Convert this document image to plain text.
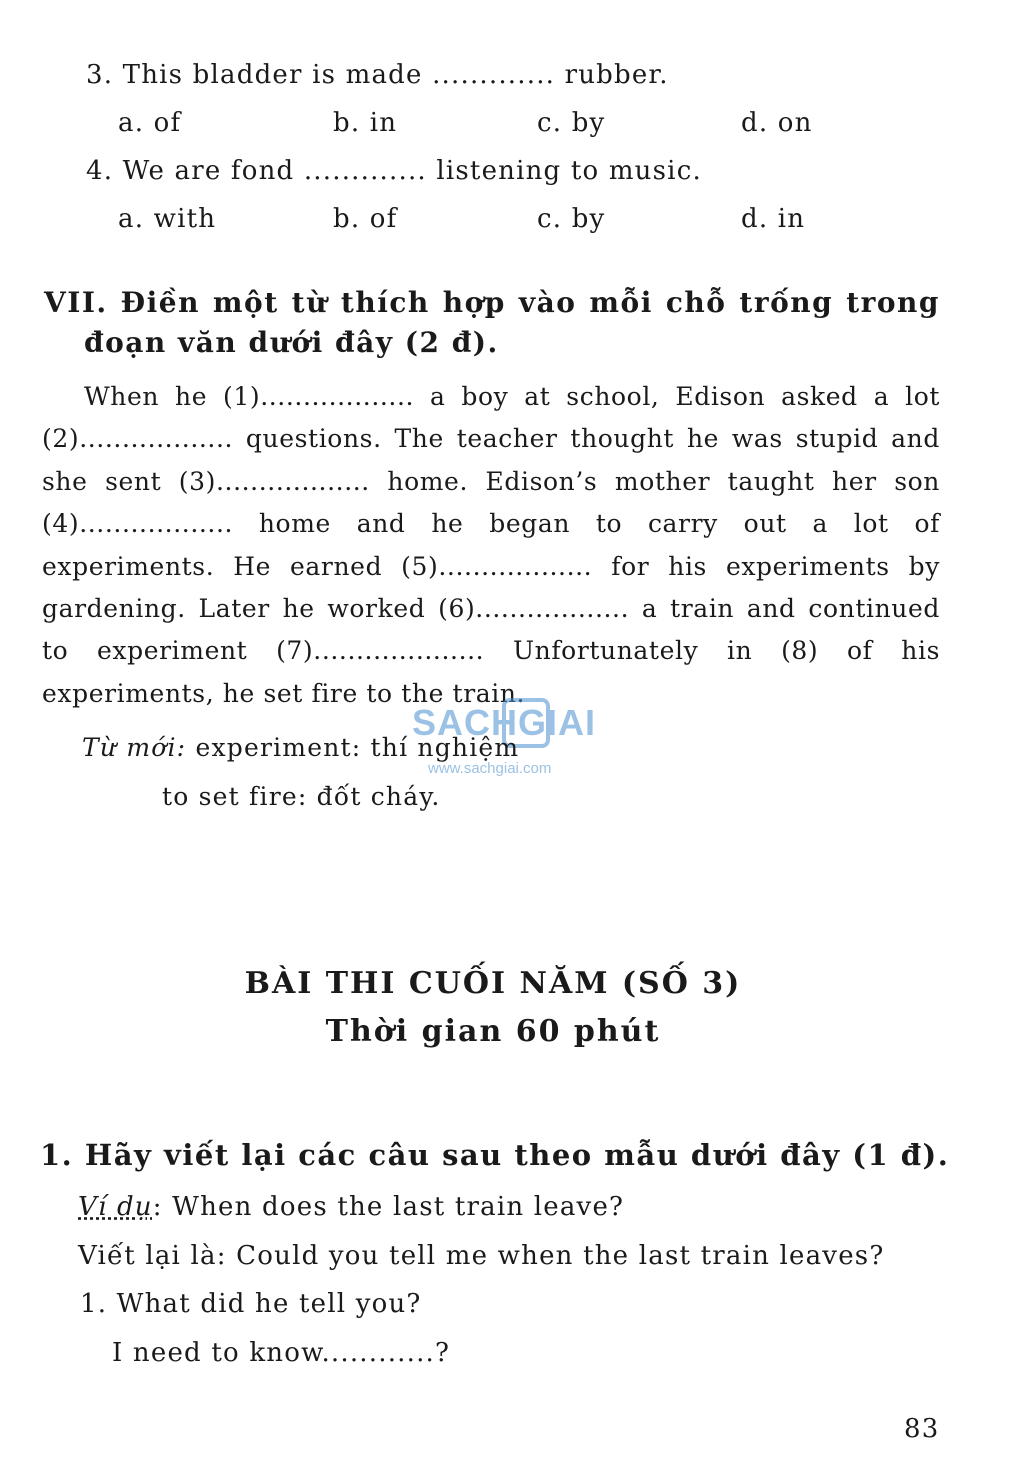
3. This bladder is made ............. rubber.
a. of	b. in	c. by	d. on
4. We are fond ............. listening to music.
a. with	b. of	c. by	d. in
VII. Điền một từ thích hợp vào mỗi chỗ trống trong
đoạn văn dưới đây (2 đ).
When he (1).................. a boy at school, Edison asked a lot
(2).................. questions. The teacher thought he was stupid and
she sent (3).................. home. Edison’s mother taught her son
(4).................. home and he began to carry out a lot of
experiments. He earned (5).................. for his experiments by
gardening. Later he worked (6).................. a train and continued
to experiment (7).................... Unfortunately in (8) of his
experiments, he set fire to the train.
SACHGIAI
www.sachgiai.com
Từ mới: experiment: thí nghiệm
to set fire: đốt cháy.
BÀI THI CUỐI NĂM (SỐ 3)
Thời gian 60 phút
1. Hãy viết lại các câu sau theo mẫu dưới đây (1 đ).
Ví dụ: When does the last train leave?
Viết lại là: Could you tell me when the last train leaves?
1. What did he tell you?
I need to know............?
83
